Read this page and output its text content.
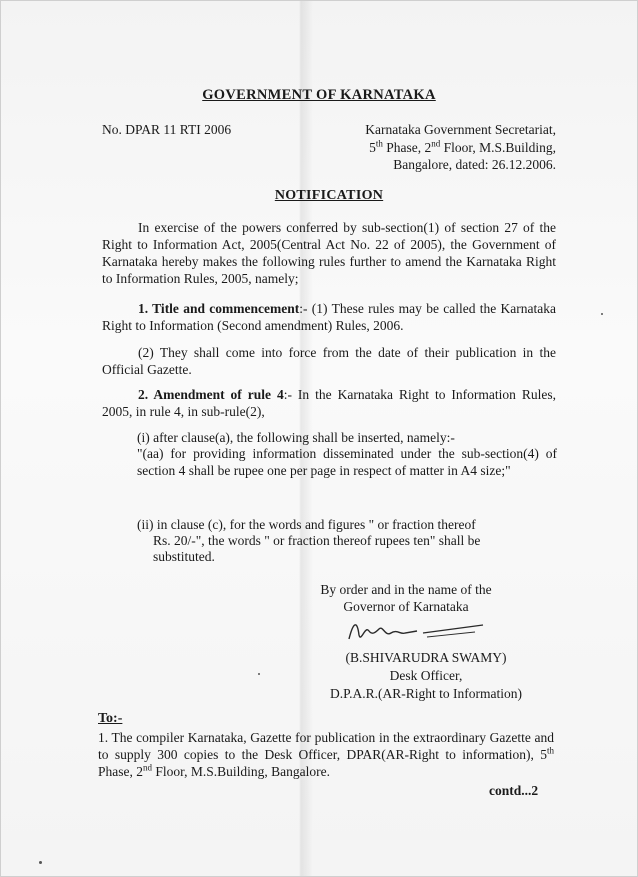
GOVERNMENT OF KARNATAKA
No. DPAR 11 RTI 2006	Karnataka Government Secretariat,
5th Phase, 2nd Floor, M.S.Building,
Bangalore, dated: 26.12.2006.
NOTIFICATION
In exercise of the powers conferred by sub-section(1) of section 27 of the Right to Information Act, 2005(Central Act No. 22 of 2005), the Government of Karnataka hereby makes the following rules further to amend the Karnataka Right to Information Rules, 2005, namely;
1. Title and commencement:- (1) These rules may be called the Karnataka Right to Information (Second amendment) Rules, 2006.
(2) They shall come into force from the date of their publication in the Official Gazette.
2. Amendment of rule 4:- In the Karnataka Right to Information Rules, 2005, in rule 4, in sub-rule(2),
(i) after clause(a), the following shall be inserted, namely:-
"(aa) for providing information disseminated under the sub-section(4) of section 4 shall be rupee one per page in respect of matter in A4 size;"
(ii) in clause (c), for the words and figures " or fraction thereof
Rs. 20/-", the words " or fraction thereof rupees ten" shall be
substituted.
By order and in the name of the
Governor of Karnataka
(B.SHIVARUDRA SWAMY)
Desk Officer,
D.P.A.R.(AR-Right to Information)
To:-
1. The compiler Karnataka, Gazette for publication in the extraordinary Gazette and to supply 300 copies to the Desk Officer, DPAR(AR-Right to information), 5th Phase, 2nd Floor, M.S.Building, Bangalore.
contd...2
